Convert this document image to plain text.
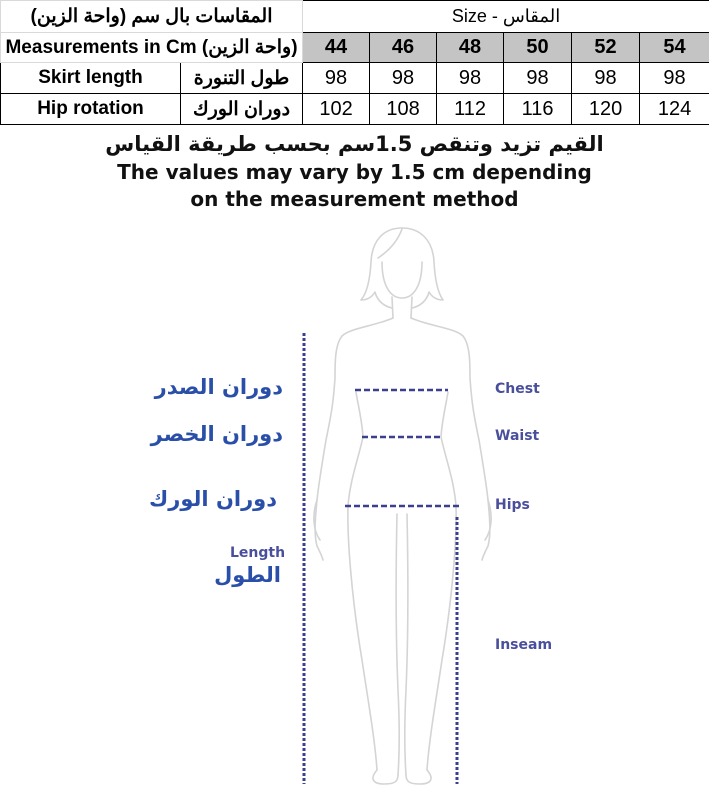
المقاسات بال سم (واحة الزين)		Size - المقاس					
Measurements in Cm (واحة الزين)		44	46	48	50	52	54
Skirt length	طول التنورة	98	98	98	98	98	98
Hip rotation	دوران الورك	102	108	112	116	120	124
القيم تزيد وتنقص 1.5سم بحسب طريقة القياس
The values may vary by 1.5 cm depending
on the measurement method
دوران الصدر
دوران الخصر
دوران الورك
Length
الطول
Chest
Waist
Hips
Inseam
